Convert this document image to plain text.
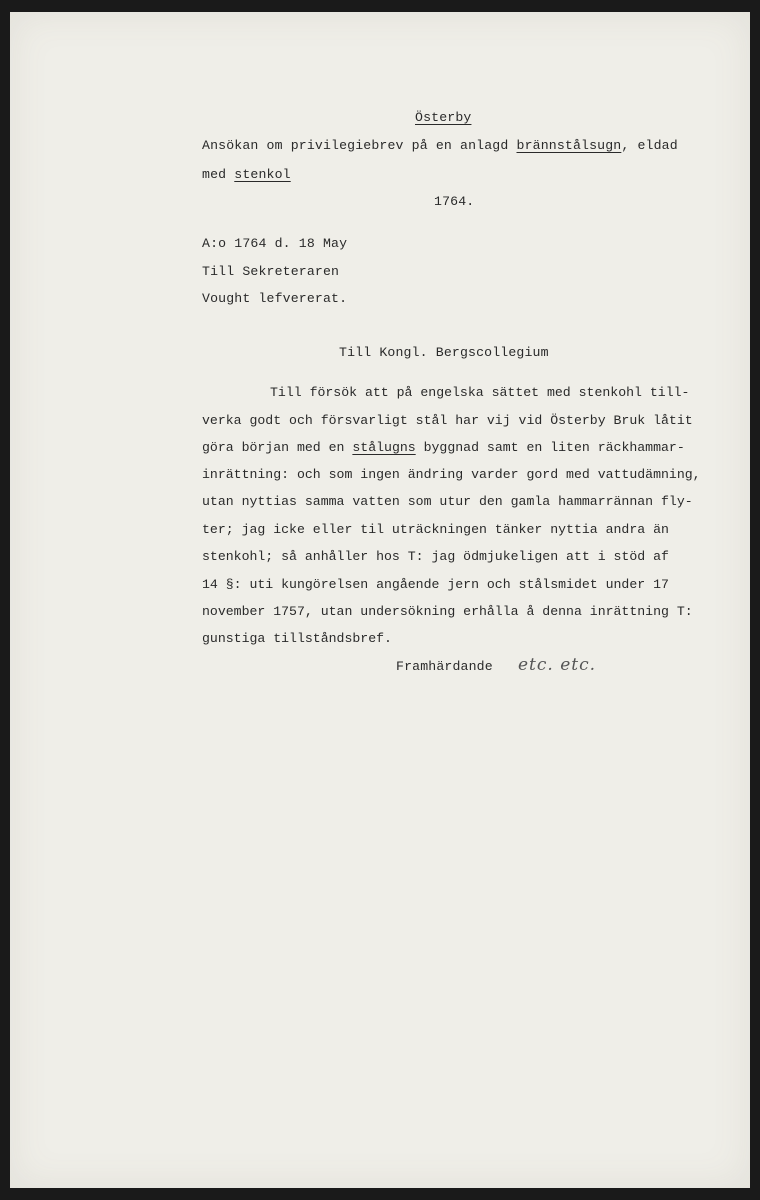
Österby
Ansökan om privilegiebrev på en anlagd brännstålsugn, eldad
med stenkol
1764.
A:o 1764 d. 18 May
Till Sekreteraren
Vought lefvererat.
Till Kongl. Bergscollegium
Till försök att på engelska sättet med stenkohl till-
verka godt och försvarligt stål har vij vid Österby Bruk låtit
göra början med en stålugns byggnad samt en liten räckhammar-
inrättning: och som ingen ändring varder gord med vattudämning,
utan nyttias samma vatten som utur den gamla hammarrännan fly-
ter; jag icke eller til uträckningen tänker nyttia andra än
stenkohl; så anhåller hos T: jag ödmjukeligen att i stöd af
14 §: uti kungörelsen angående jern och stålsmidet under 17
november 1757, utan undersökning erhålla å denna inrättning T:
gunstiga tillståndsbref.
Framhärdande etc. etc.
